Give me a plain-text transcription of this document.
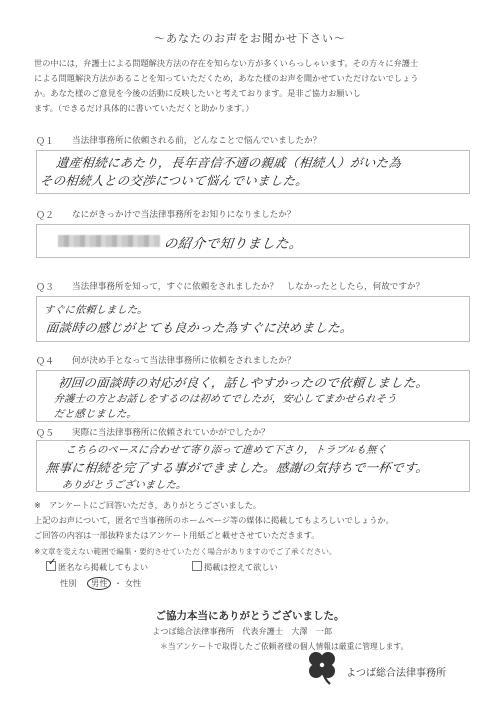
～あなたのお声をお聞かせ下さい～
世の中には，弁護士による問題解決方法の存在を知らない方が多くいらっしゃいます。その方々に弁護士
による問題解決方法があることを知っていただくため，あなた様のお声を聞かせていただけないでしょう
か。あなた様のご意見を今後の活動に反映したいと考えております。是非ご協力お願いし
ます。（できるだけ具体的に書いていただくと助かります。）
Ｑ１ 当法律事務所に依頼される前，どんなことで悩んでいましたか？
遺産相続にあたり，長年音信不通の親戚（相続人）がいた為
その相続人との交渉について悩んでいました。
Ｑ２ なにがきっかけで当法律事務所をお知りになりましたか？
の紹介で知りました。
Ｑ３ 当法律事務所を知って，すぐに依頼をされましたか？　しなかったとしたら，何故ですか？
すぐに依頼しました。
面談時の感じがとても良かった為すぐに決めました。
Ｑ４ 何が決め手となって当法律事務所に依頼をされましたか？
初回の面談時の対応が良く，話しやすかったので依頼しました。
弁護士の方とお話しをするのは初めてでしたが，安心してまかせられそう
だと感じました。
Ｑ５ 実際に当法律事務所に依頼されていかがでしたか？
こちらのペースに合わせて寄り添って進めて下さり，トラブルも無く
無事に相続を完了する事ができました。感謝の気持ちで一杯です。
ありがとうございました。
※　アンケートにご回答いただき，ありがとうございました。
上記のお声について，匿名で当事務所のホームページ等の媒体に掲載してもよろしいでしょうか。
ご回答の内容は一部抜粋またはアンケート用紙ごと載せさせていただきます。
※文章を変えない範囲で編集・要約させていただく場合がありますのでご了承ください。
✓ 匿名なら掲載してもよい	掲載は控えて欲しい
性別 男性 ・ 女性
ご協力本当にありがとうございました。
よつば総合法律事務所　代表弁護士　大澤　一郎
＊当アンケートで取得したご依頼者様の個人情報は厳重に管理します。
よつば総合法律事務所
